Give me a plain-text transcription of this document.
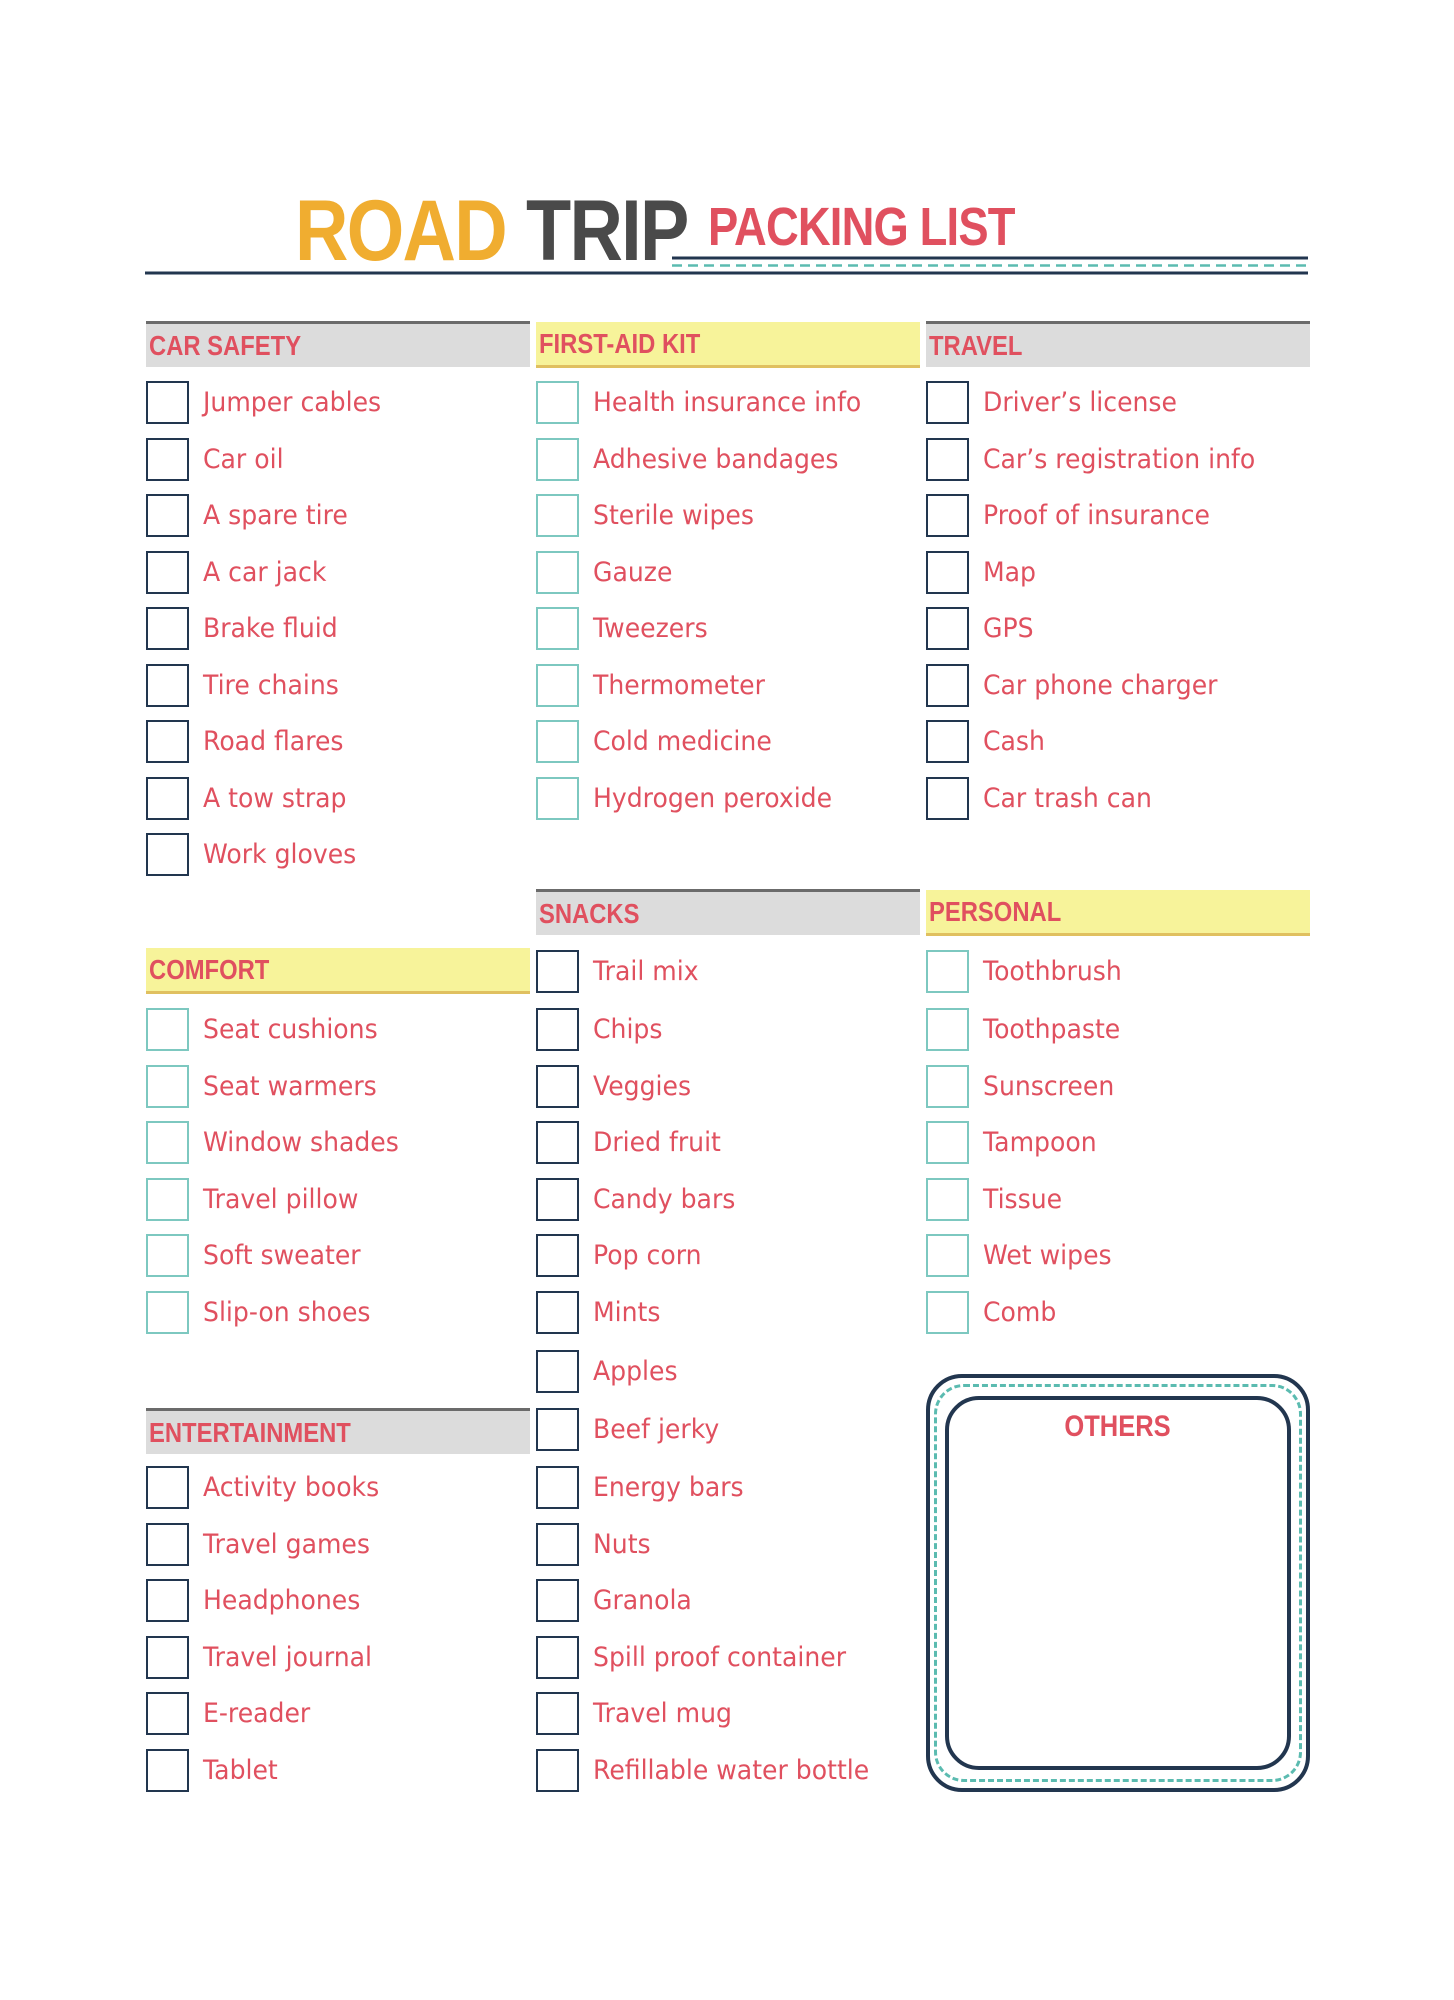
ROAD TRIP PACKING LIST
CAR SAFETY	FIRST-AID KIT	TRAVEL
COMFORT
SNACKS	PERSONAL
ENTERTAINMENT
Jumper cables
Car oil
A spare tire
A car jack
Brake fluid
Tire chains
Road flares
A tow strap
Work gloves
Health insurance info
Adhesive bandages
Sterile wipes
Gauze
Tweezers
Thermometer
Cold medicine
Hydrogen peroxide
Driver’s license
Car’s registration info
Proof of insurance
Map
GPS
Car phone charger
Cash
Car trash can
Seat cushions
Seat warmers
Window shades
Travel pillow
Soft sweater
Slip-on shoes
Trail mix
Chips
Veggies
Dried fruit
Candy bars
Pop corn
Mints
Apples
Beef jerky
Energy bars
Nuts
Granola
Spill proof container
Travel mug
Refillable water bottle
Toothbrush
Toothpaste
Sunscreen
Tampoon
Tissue
Wet wipes
Comb
Activity books
Travel games
Headphones
Travel journal
E-reader
Tablet
OTHERS
